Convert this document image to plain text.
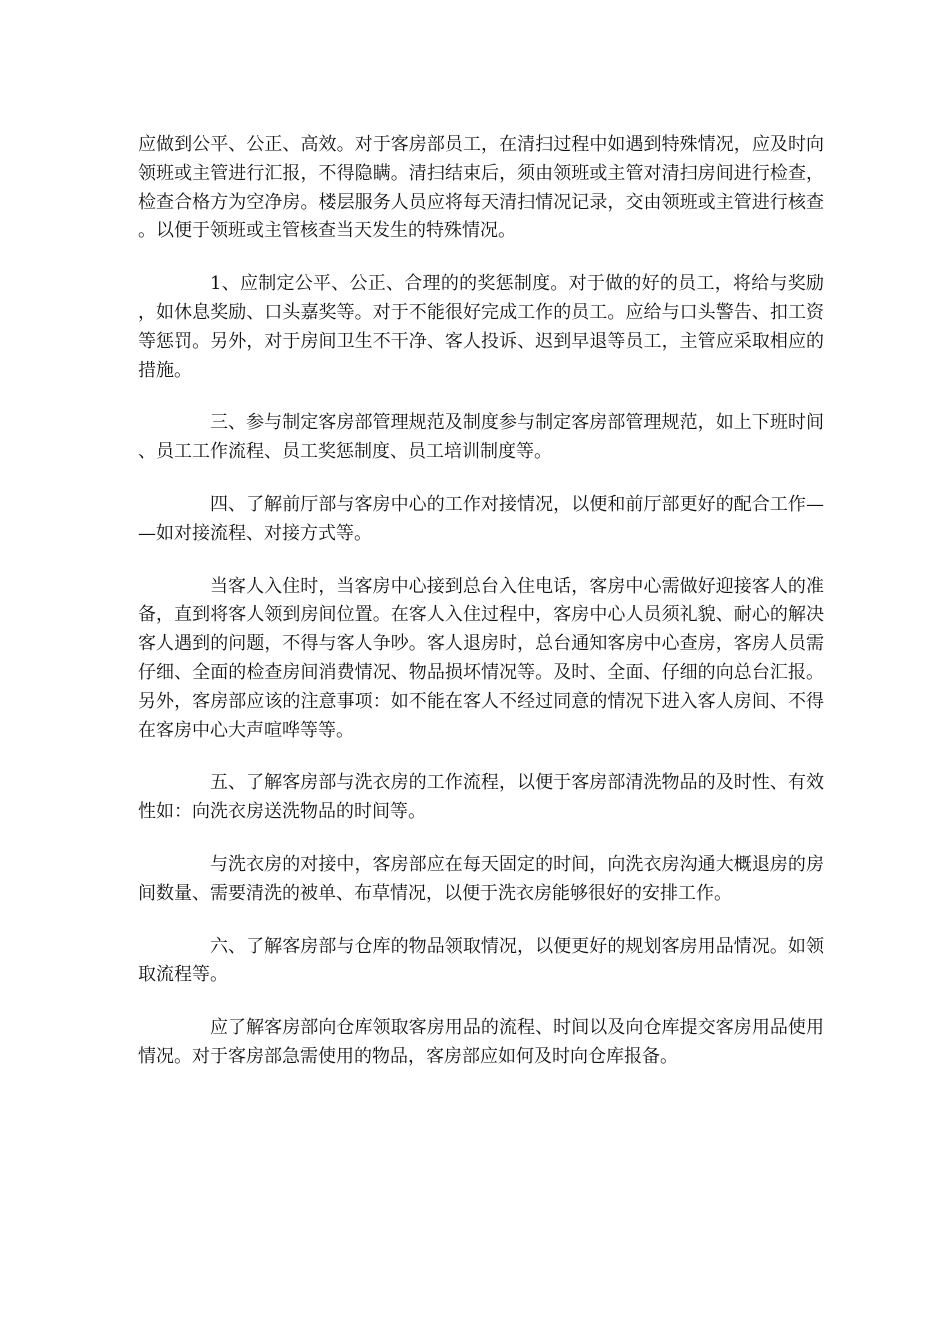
应做到公平、公正、高效。对于客房部员工，在清扫过程中如遇到特殊情况，应及时向领班或主管进行汇报，不得隐瞒。清扫结束后，须由领班或主管对清扫房间进行检查，检查合格方为空净房。楼层服务人员应将每天清扫情况记录，交由领班或主管进行核查。以便于领班或主管核查当天发生的特殊情况。

1、应制定公平、公正、合理的的奖惩制度。对于做的好的员工，将给与奖励，如休息奖励、口头嘉奖等。对于不能很好完成工作的员工。应给与口头警告、扣工资等惩罚。另外，对于房间卫生不干净、客人投诉、迟到早退等员工，主管应采取相应的措施。

三、参与制定客房部管理规范及制度参与制定客房部管理规范，如上下班时间、员工工作流程、员工奖惩制度、员工培训制度等。

四、了解前厅部与客房中心的工作对接情况，以便和前厅部更好的配合工作——如对接流程、对接方式等。

当客人入住时，当客房中心接到总台入住电话，客房中心需做好迎接客人的准备，直到将客人领到房间位置。在客人入住过程中，客房中心人员须礼貌、耐心的解决客人遇到的问题，不得与客人争吵。客人退房时，总台通知客房中心查房，客房人员需仔细、全面的检查房间消费情况、物品损坏情况等。及时、全面、仔细的向总台汇报。另外，客房部应该的注意事项：如不能在客人不经过同意的情况下进入客人房间、不得在客房中心大声喧哗等等。

五、了解客房部与洗衣房的工作流程，以便于客房部清洗物品的及时性、有效性如：向洗衣房送洗物品的时间等。

与洗衣房的对接中，客房部应在每天固定的时间，向洗衣房沟通大概退房的房间数量、需要清洗的被单、布草情况，以便于洗衣房能够很好的安排工作。

六、了解客房部与仓库的物品领取情况，以便更好的规划客房用品情况。如领取流程等。

应了解客房部向仓库领取客房用品的流程、时间以及向仓库提交客房用品使用情况。对于客房部急需使用的物品，客房部应如何及时向仓库报备。
